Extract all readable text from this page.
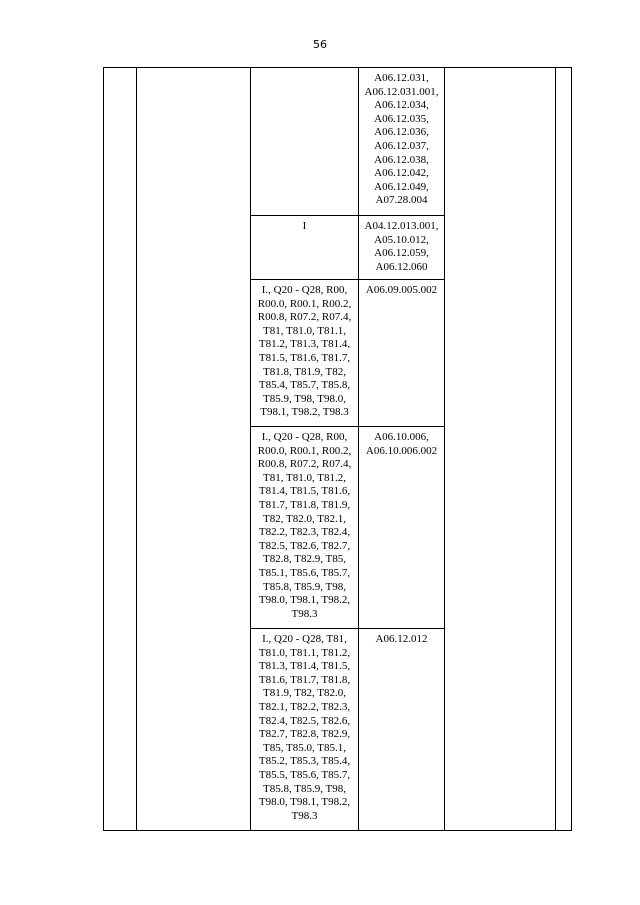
56

			A06.12.031, A06.12.031.001, A06.12.034, A06.12.035, A06.12.036, A06.12.037, A06.12.038, A06.12.042, A06.12.049, A07.28.004		

		I	A04.12.013.001, A05.10.012, A06.12.059, A06.12.060		

		I., Q20 - Q28, R00, R00.0, R00.1, R00.2, R00.8, R07.2, R07.4, T81, T81.0, T81.1, T81.2, T81.3, T81.4, T81.5, T81.6, T81.7, T81.8, T81.9, T82, T85.4, T85.7, T85.8, T85.9, T98, T98.0, T98.1, T98.2, T98.3	A06.09.005.002		

		I., Q20 - Q28, R00, R00.0, R00.1, R00.2, R00.8, R07.2, R07.4, T81, T81.0, T81.2, T81.4, T81.5, T81.6, T81.7, T81.8, T81.9, T82, T82.0, T82.1, T82.2, T82.3, T82.4, T82.5, T82.6, T82.7, T82.8, T82.9, T85, T85.1, T85.6, T85.7, T85.8, T85.9, T98, T98.0, T98.1, T98.2, T98.3	A06.10.006, A06.10.006.002		

		I., Q20 - Q28, T81, T81.0, T81.1, T81.2, T81.3, T81.4, T81.5, T81.6, T81.7, T81.8, T81.9, T82, T82.0, T82.1, T82.2, T82.3, T82.4, T82.5, T82.6, T82.7, T82.8, T82.9, T85, T85.0, T85.1, T85.2, T85.3, T85.4, T85.5, T85.6, T85.7, T85.8, T85.9, T98, T98.0, T98.1, T98.2, T98.3	A06.12.012		
